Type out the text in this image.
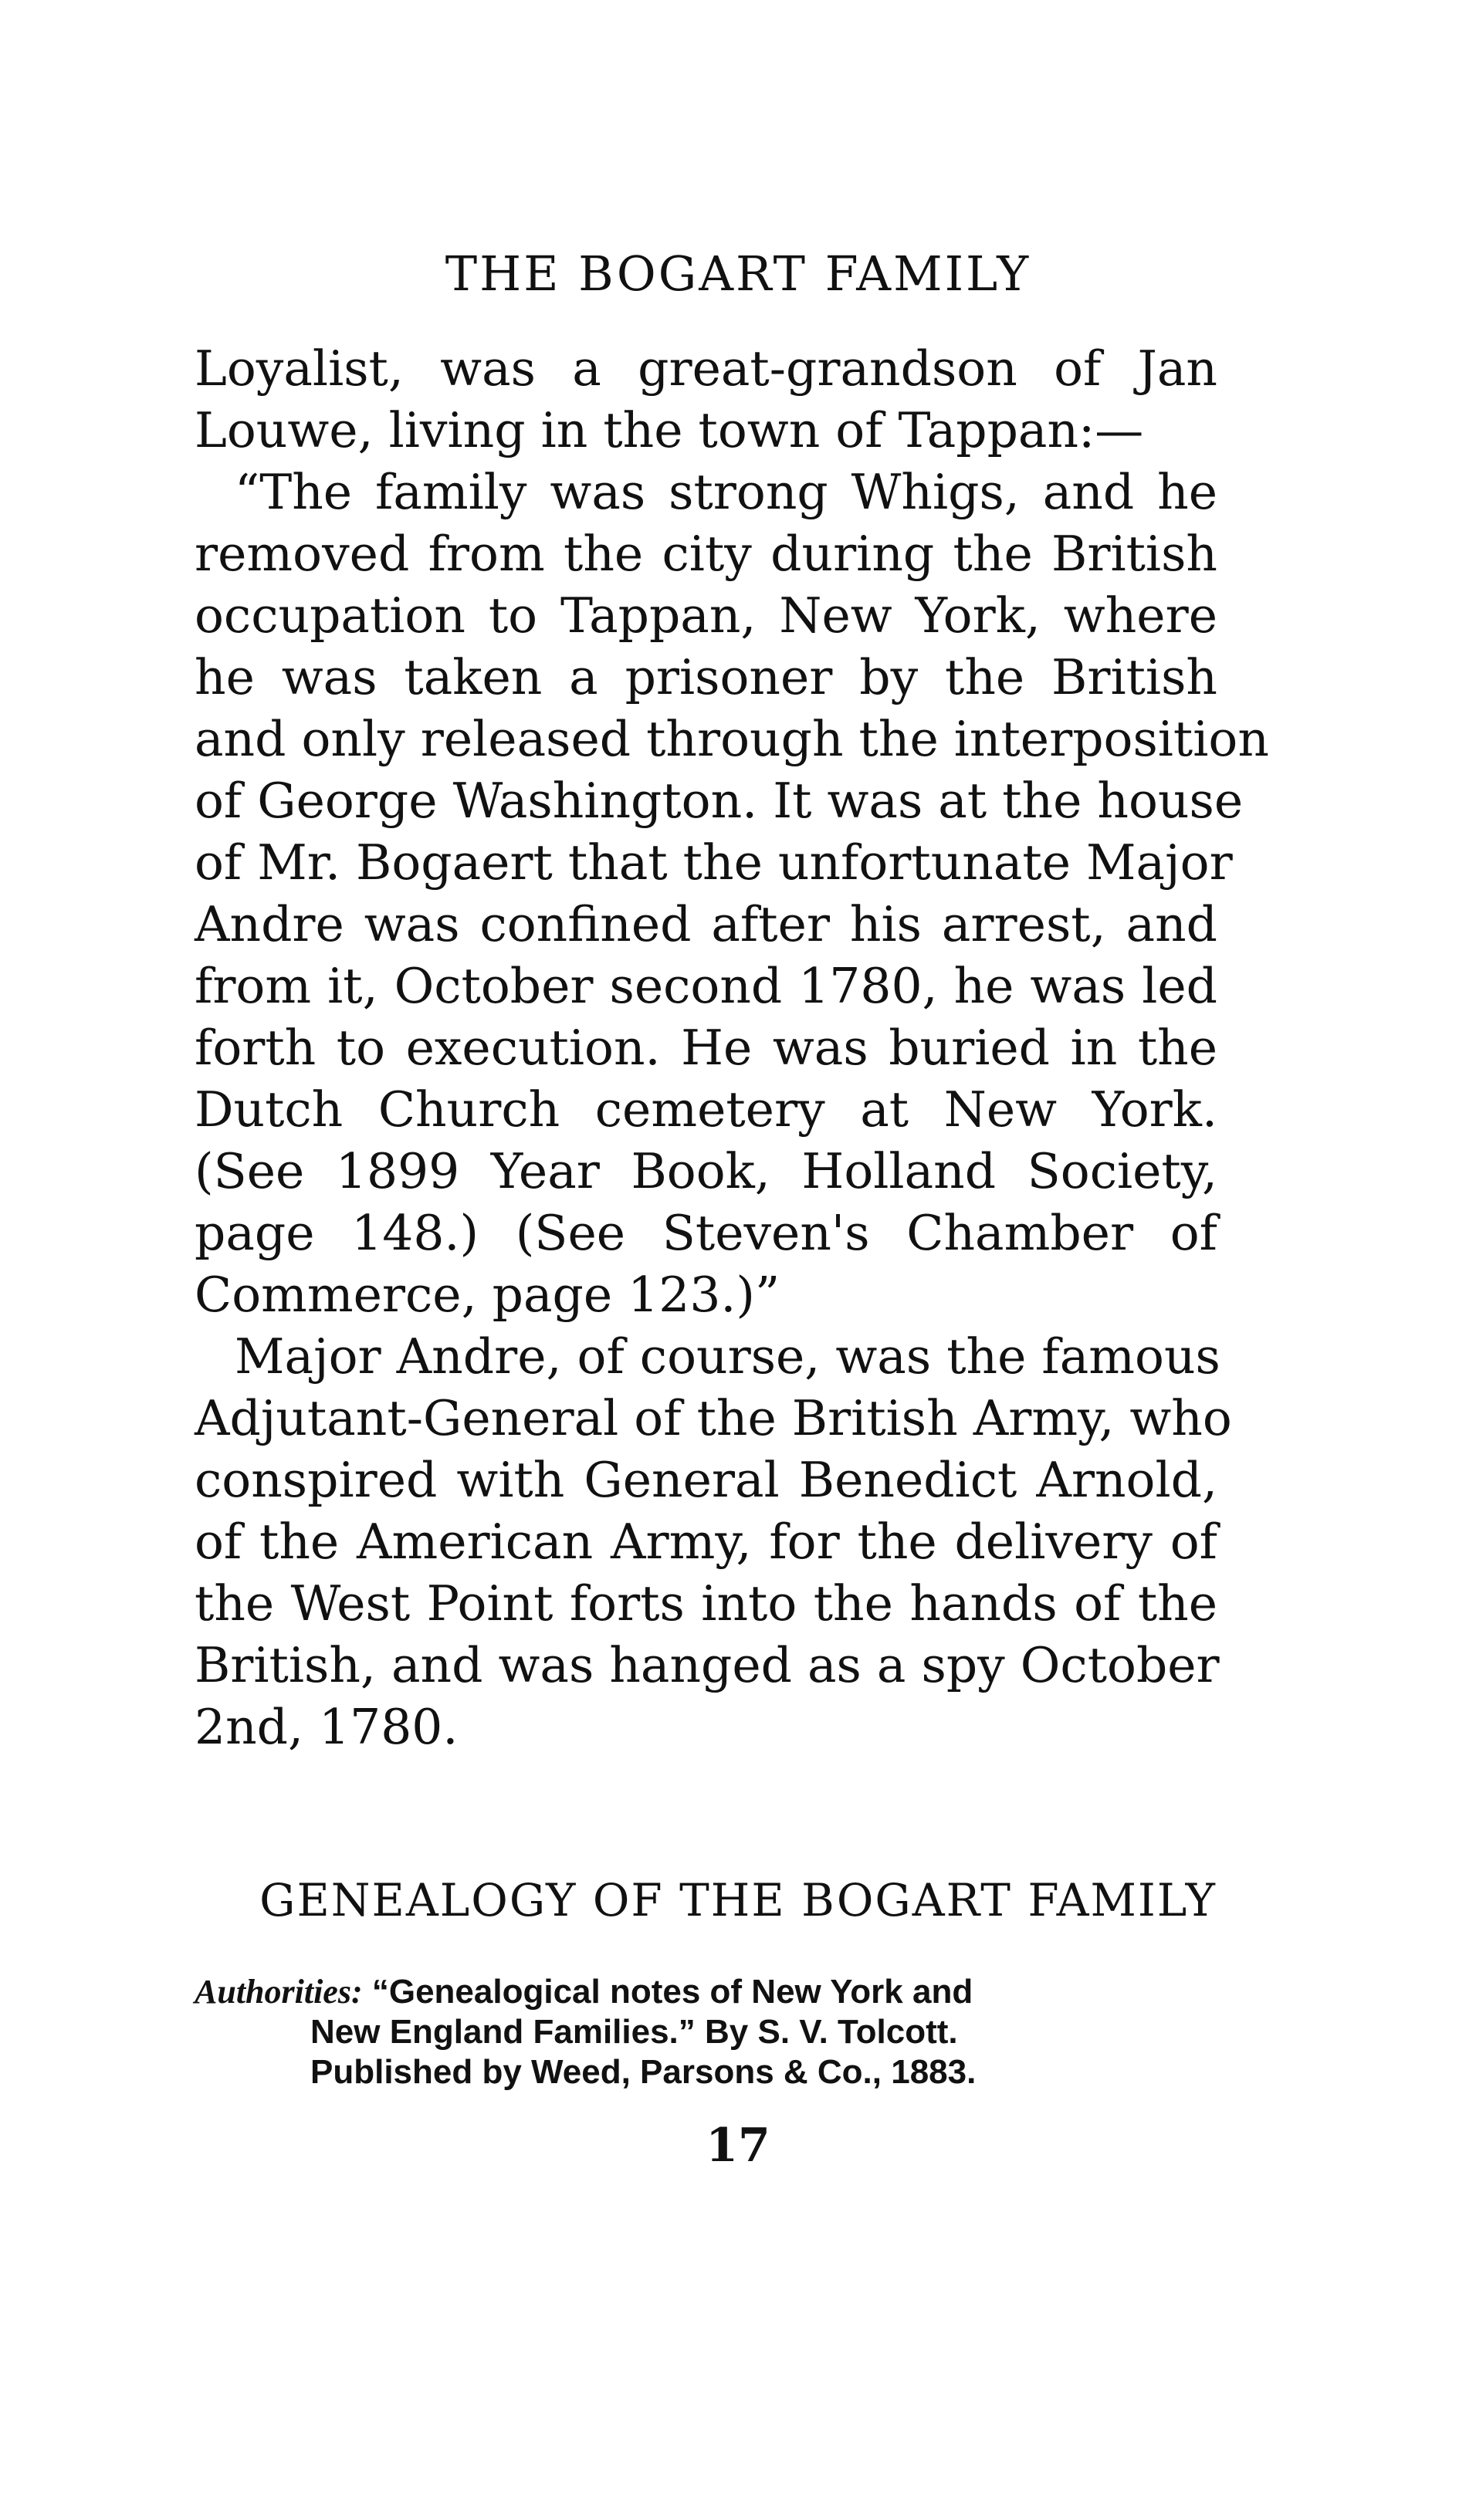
THE BOGART FAMILY
Loyalist, was a great-grandson of Jan
Louwe, living in the town of Tappan:—
“The family was strong Whigs, and he
removed from the city during the British
occupation to Tappan, New York, where
he was taken a prisoner by the British
and only released through the interposition
of George Washington. It was at the house
of Mr. Bogaert that the unfortunate Major
Andre was confined after his arrest, and
from it, October second 1780, he was led
forth to execution. He was buried in the
Dutch Church cemetery at New York.
(See 1899 Year Book, Holland Society,
page 148.) (See Steven's Chamber of
Commerce, page 123.)”
Major Andre, of course, was the famous
Adjutant-General of the British Army, who
conspired with General Benedict Arnold,
of the American Army, for the delivery of
the West Point forts into the hands of the
British, and was hanged as a spy October
2nd, 1780.
GENEALOGY OF THE BOGART FAMILY
Authorities: “Genealogical notes of New York and
New England Families.” By S. V. Tolcott.
Published by Weed, Parsons & Co., 1883.
17
